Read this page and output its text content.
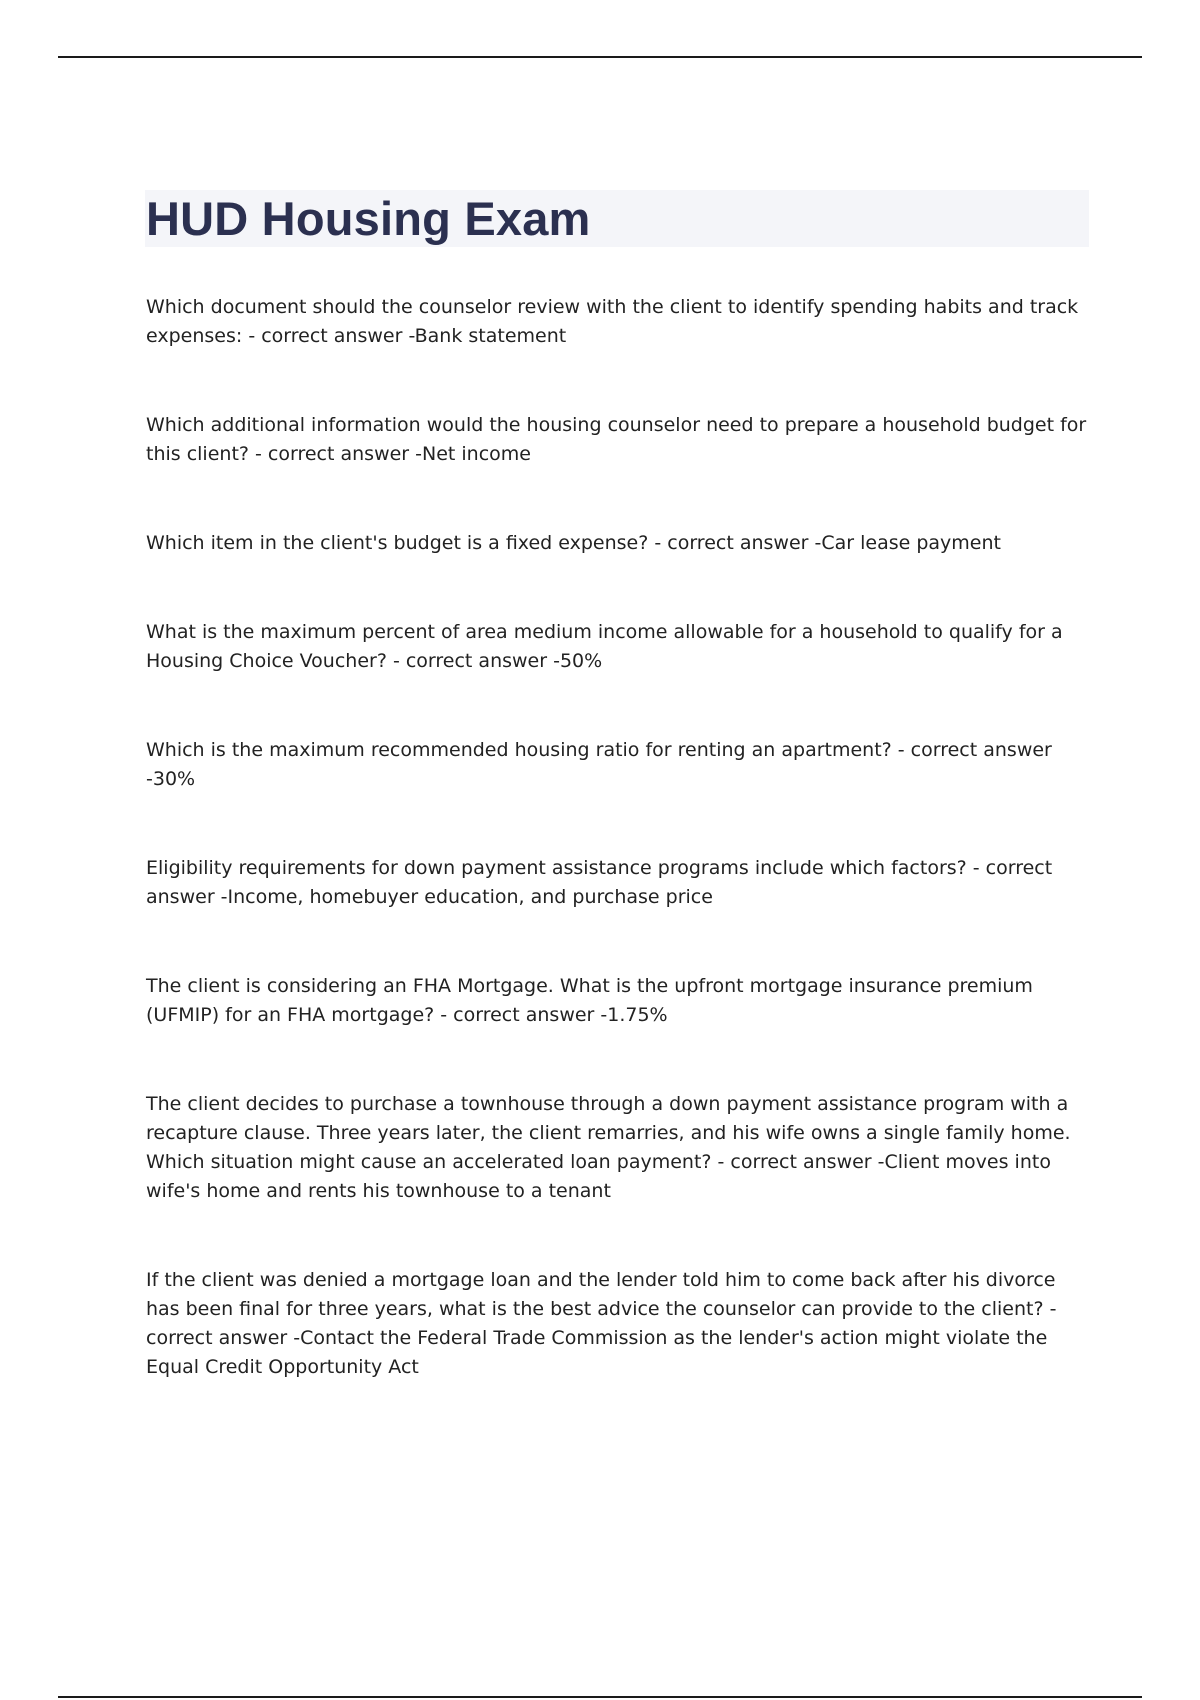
HUD Housing Exam
Which document should the counselor review with the client to identify spending habits and track expenses: - correct answer -Bank statement
Which additional information would the housing counselor need to prepare a household budget for this client? - correct answer -Net income
Which item in the client's budget is a fixed expense? - correct answer -Car lease payment
What is the maximum percent of area medium income allowable for a household to qualify for a Housing Choice Voucher? - correct answer -50%
Which is the maximum recommended housing ratio for renting an apartment? - correct answer -30%
Eligibility requirements for down payment assistance programs include which factors? - correct answer -Income, homebuyer education, and purchase price
The client is considering an FHA Mortgage. What is the upfront mortgage insurance premium (UFMIP) for an FHA mortgage? - correct answer -1.75%
The client decides to purchase a townhouse through a down payment assistance program with a recapture clause. Three years later, the client remarries, and his wife owns a single family home. Which situation might cause an accelerated loan payment? - correct answer -Client moves into wife's home and rents his townhouse to a tenant
If the client was denied a mortgage loan and the lender told him to come back after his divorce has been final for three years, what is the best advice the counselor can provide to the client? - correct answer -Contact the Federal Trade Commission as the lender's action might violate the Equal Credit Opportunity Act
